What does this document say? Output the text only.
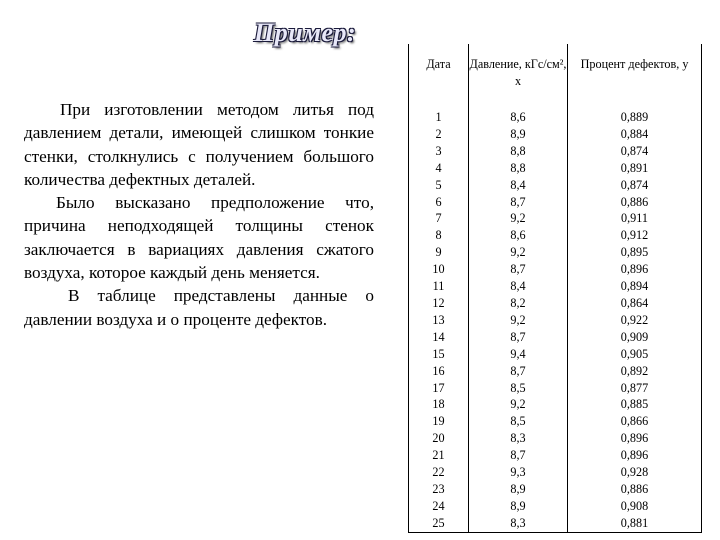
Пример:

При изготовлении методом литья под давлением детали, имеющей слишком тонкие стенки, столкнулись с получением большого количества дефектных деталей.

Было высказано предположение что, причина неподходящей толщины стенок заключается в вариациях давления сжатого воздуха, которое каждый день меняется.

В таблице представлены данные о давлении воздуха и о проценте дефектов.

Дата	Давление, кГс/см², x	Процент дефектов, y
1	8,6	0,889
2	8,9	0,884
3	8,8	0,874
4	8,8	0,891
5	8,4	0,874
6	8,7	0,886
7	9,2	0,911
8	8,6	0,912
9	9,2	0,895
10	8,7	0,896
11	8,4	0,894
12	8,2	0,864
13	9,2	0,922
14	8,7	0,909
15	9,4	0,905
16	8,7	0,892
17	8,5	0,877
18	9,2	0,885
19	8,5	0,866
20	8,3	0,896
21	8,7	0,896
22	9,3	0,928
23	8,9	0,886
24	8,9	0,908
25	8,3	0,881
